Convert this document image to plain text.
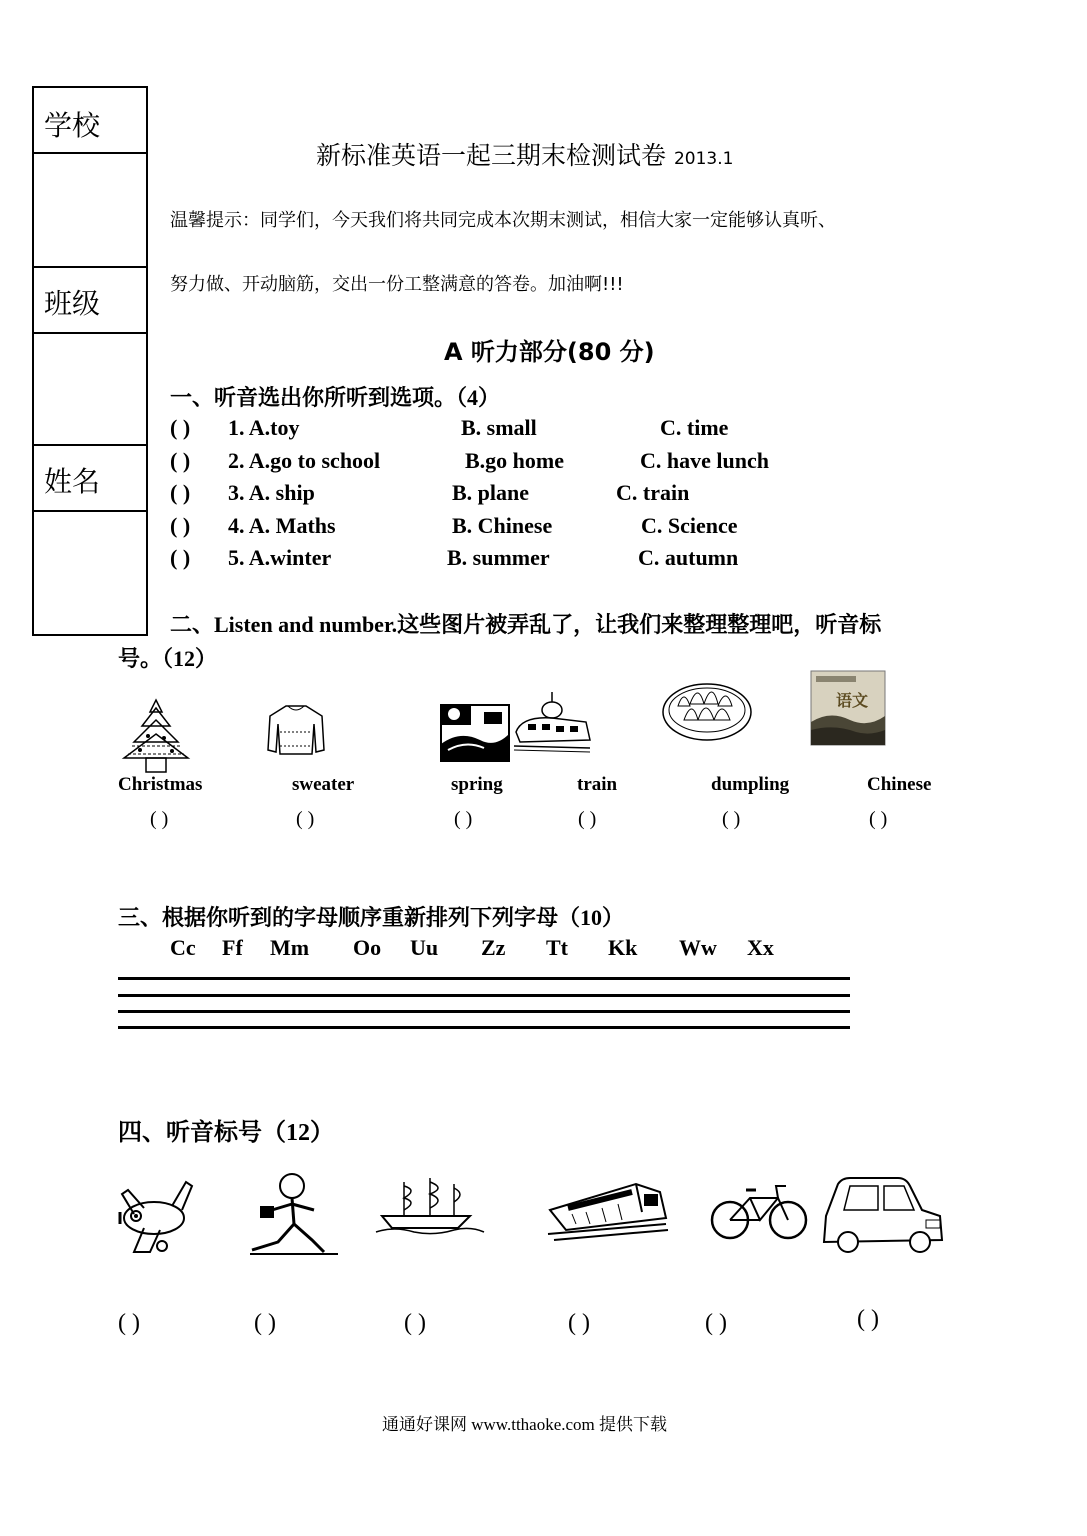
学校
班级
姓名
新标准英语一起三期末检测试卷 2013.1
温馨提示：同学们，今天我们将共同完成本次期末测试，相信大家一定能够认真听、
努力做、开动脑筋，交出一份工整满意的答卷。加油啊!!!
A 听力部分(80 分)
一、听音选出你所听到选项。（4）
( ) 1. A.toy	B. small	C. time
( ) 2. A.go to school	B.go home	C. have lunch
( ) 3. A. ship	B. plane	C. train
( ) 4. A. Maths	B. Chinese	C. Science
( ) 5. A.winter	B. summer	C. autumn
二、Listen and number.这些图片被弄乱了，让我们来整理整理吧，听音标
号。（12）
语文
Christmas	sweater	spring	train	dumpling	Chinese
( )	( )	( )	( )	( )	( )
三、根据你听到的字母顺序重新排列下列字母（10）
Cc Ff Mm Oo Uu Zz Tt Kk Ww Xx
四、听音标号（12）
( )	( )	( )	( )	( )	( )
通通好课网 www.tthaoke.com 提供下载
